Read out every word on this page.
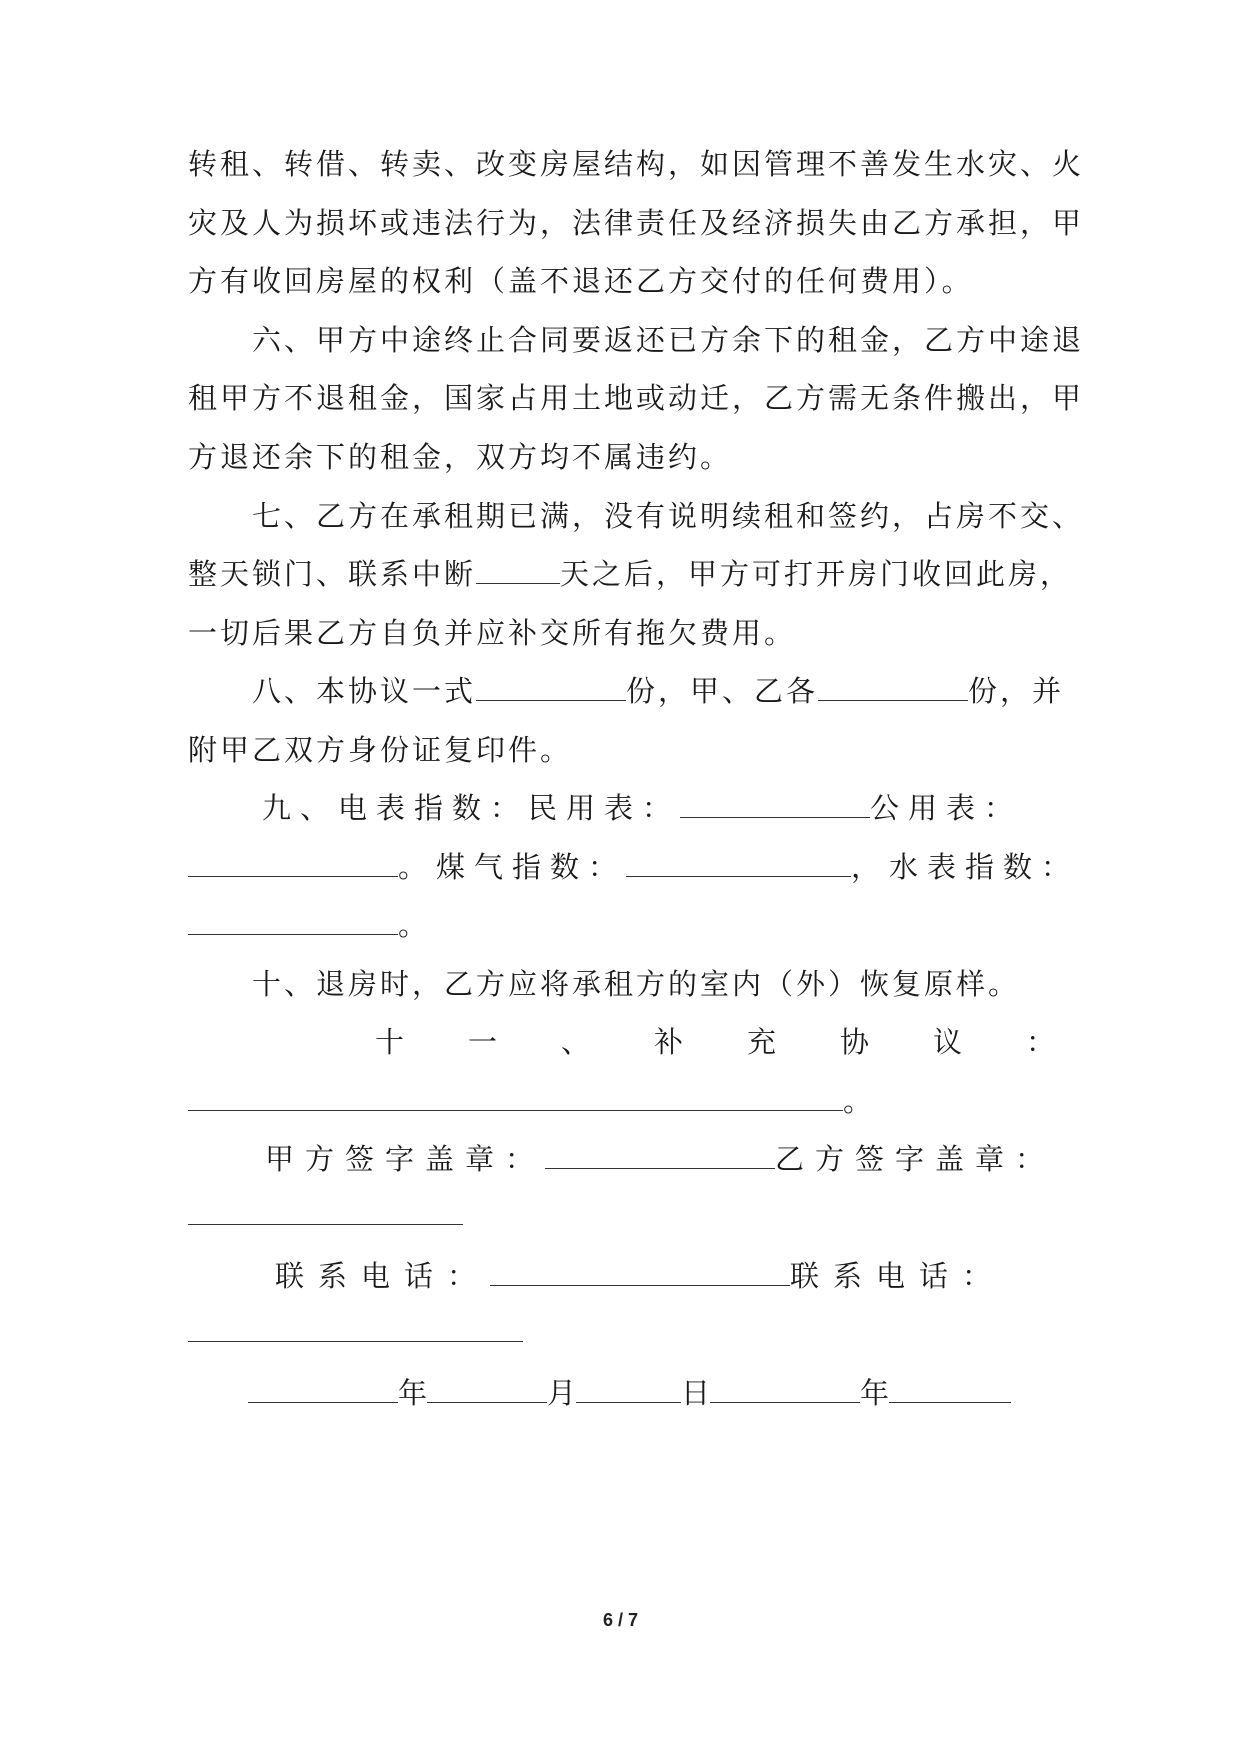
转租、转借、转卖、改变房屋结构，如因管理不善发生水灾、火
灾及人为损坏或违法行为，法律责任及经济损失由乙方承担，甲
方有收回房屋的权利（盖不退还乙方交付的任何费用）。
六、甲方中途终止合同要返还已方余下的租金，乙方中途退
租甲方不退租金，国家占用土地或动迁，乙方需无条件搬出，甲
方退还余下的租金，双方均不属违约。
七、乙方在承租期已满，没有说明续租和签约，占房不交、
整天锁门、联系中断	天之后，甲方可打开房门收回此房，
一切后果乙方自负并应补交所有拖欠费用。
八、本协议一式	份，甲、乙各	份，并
附甲乙双方身份证复印件。
九、电表指数：民用表：	公用表：
。煤气指数：	，水表指数：
。
十、退房时，乙方应将承租方的室内（外）恢复原样。
十一、补充协议：
。
甲方签字盖章：	乙方签字盖章：
联系电话：	联系电话：
年	月	日	年
6 / 7
